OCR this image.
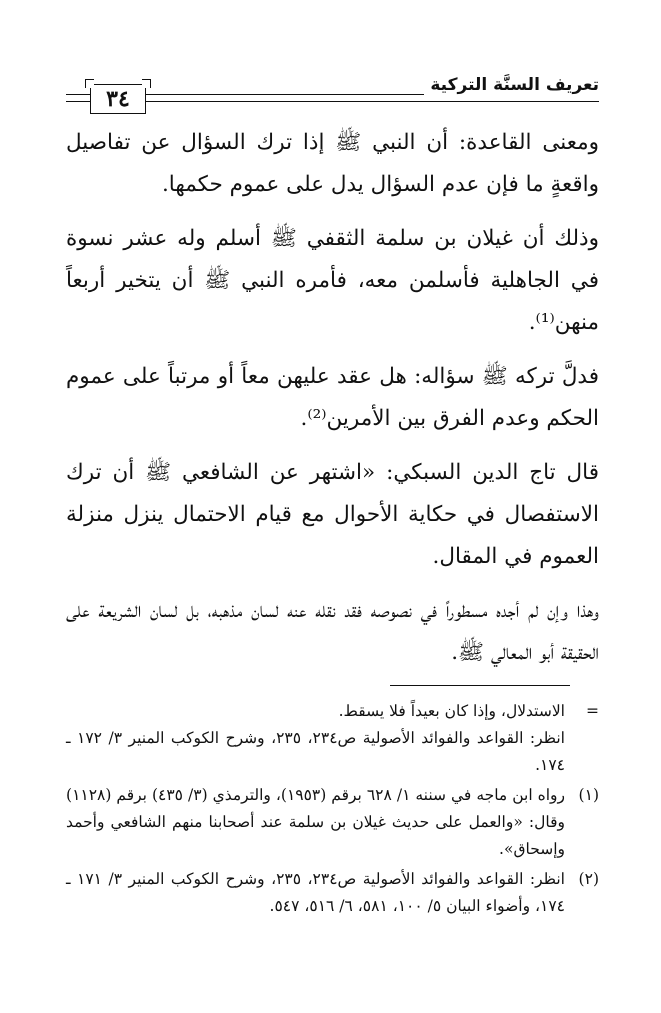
٣٤
تعريف السنَّة التركية

ومعنى القاعدة: أن النبي ﷺ إذا ترك السؤال عن تفاصيل واقعةٍ ما فإن عدم السؤال يدل على عموم حكمها.

وذلك أن غيلان بن سلمة الثقفي ﷺ أسلم وله عشر نسوة في الجاهلية فأسلمن معه، فأمره النبي ﷺ أن يتخير أربعاً منهن⁽¹⁾.

فدلَّ تركه ﷺ سؤاله: هل عقد عليهن معاً أو مرتباً على عموم الحكم وعدم الفرق بين الأمرين⁽²⁾.

قال تاج الدين السبكي: «اشتهر عن الشافعي ﷺ أن ترك الاستفصال في حكاية الأحوال مع قيام الاحتمال ينزل منزلة العموم في المقال.

وهذا وإن لم أجده مسطوراً في نصوصه فقد نقله عنه لسان مذهبه، بل لسان الشريعة على الحقيقة أبو المعالي ﷺ.

=

الاستدلال، وإذا كان بعيداً فلا يسقط.

انظر: القواعد والفوائد الأصولية ص٢٣٤، ٢٣٥، وشرح الكوكب المنير ٣/ ١٧٢ ـ ١٧٤.

(١)

رواه ابن ماجه في سننه ١/ ٦٢٨ برقم (١٩٥٣)، والترمذي (٣/ ٤٣٥) برقم (١١٢٨) وقال: «والعمل على حديث غيلان بن سلمة عند أصحابنا منهم الشافعي وأحمد وإسحاق».

(٢)

انظر: القواعد والفوائد الأصولية ص٢٣٤، ٢٣٥، وشرح الكوكب المنير ٣/ ١٧١ ـ ١٧٤، وأضواء البيان ٥/ ١٠٠، ٥٨١، ٦/ ٥١٦، ٥٤٧.
